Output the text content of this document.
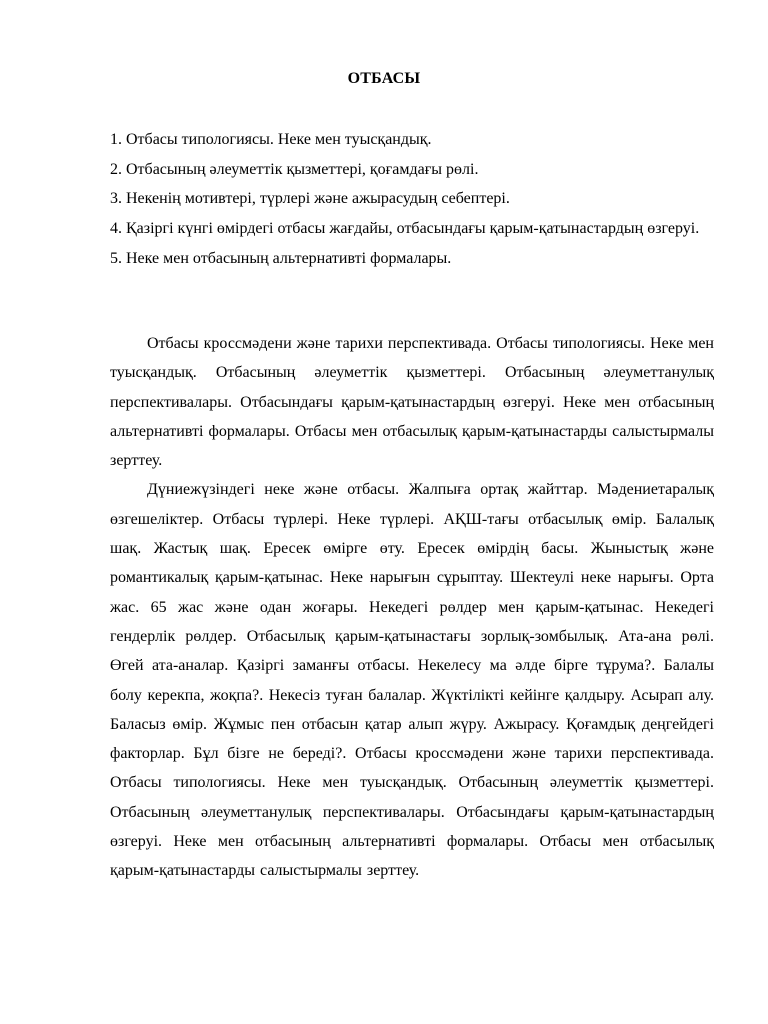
ОТБАСЫ
1. Отбасы типологиясы. Неке мен туысқандық.
2. Отбасының әлеуметтік қызметтері, қоғамдағы рөлі.
3. Некенің мотивтері, түрлері және ажырасудың себептері.
4. Қазіргі күнгі өмірдегі отбасы жағдайы, отбасындағы қарым-қатынастардың өзгеруі.
5. Неке мен отбасының альтернативті формалары.

Отбасы кроссмәдени және тарихи перспективада. Отбасы типологиясы. Неке мен туысқандық. Отбасының әлеуметтік қызметтері. Отбасының әлеуметтанулық перспективалары. Отбасындағы қарым-қатынастардың өзгеруі. Неке мен отбасының альтернативті формалары. Отбасы мен отбасылық қарым-қатынастарды салыстырмалы зерттеу.

Дүниежүзіндегі неке және отбасы. Жалпыға ортақ жайттар. Мәдениетаралық өзгешеліктер. Отбасы түрлері. Неке түрлері. АҚШ-тағы отбасылық өмір. Балалық шақ. Жастық шақ. Ересек өмірге өту. Ересек өмірдің басы. Жыныстық және романтикалық қарым-қатынас. Неке нарығын сұрыптау. Шектеулі неке нарығы. Орта жас. 65 жас және одан жоғары. Некедегі рөлдер мен қарым-қатынас. Некедегі гендерлік рөлдер. Отбасылық қарым-қатынастағы зорлық-зомбылық. Ата-ана рөлі. Өгей ата-аналар. Қазіргі заманғы отбасы. Некелесу ма әлде бірге тұрума?. Балалы болу керекпа, жоқпа?. Некесіз туған балалар. Жүктілікті кейінге қалдыру. Асырап алу. Баласыз өмір. Жұмыс пен отбасын қатар алып жүру. Ажырасу. Қоғамдық деңгейдегі факторлар. Бұл бізге не береді?. Отбасы кроссмәдени және тарихи перспективада. Отбасы типологиясы. Неке мен туысқандық. Отбасының әлеуметтік қызметтері. Отбасының әлеуметтанулық перспективалары. Отбасындағы қарым-қатынастардың өзгеруі. Неке мен отбасының альтернативті формалары. Отбасы мен отбасылық қарым-қатынастарды салыстырмалы зерттеу.
